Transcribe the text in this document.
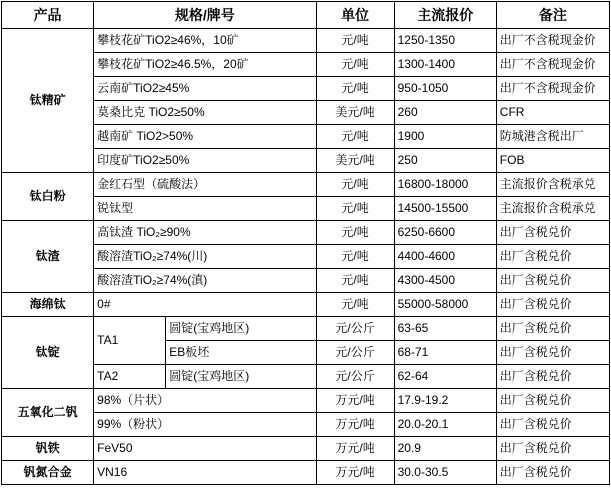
产品	规格/牌号		单位	主流报价	备注
钛精矿	攀枝花矿TiO2≥46%，10矿		元/吨	1250-1350	出厂不含税现金价
	攀枝花矿TiO2≥46.5%，20矿		元/吨	1300-1400	出厂不含税现金价
	云南矿TiO2≥45%		元/吨	950-1050	出厂不含税现金价
	莫桑比克 TiO2≥50%		美元/吨	260	CFR
	越南矿 TiO2>50%		元/吨	1900	防城港含税出厂
	印度矿TiO2≥50%		美元/吨	250	FOB
钛白粉	金红石型（硫酸法）		元/吨	16800-18000	主流报价含税承兑
	锐钛型		元/吨	14500-15500	主流报价含税承兑
钛渣	高钛渣 TiO₂≥90%		元/吨	6250-6600	出厂含税兑价
	酸溶渣TiO₂≥74%(川)		元/吨	4400-4600	出厂含税兑价
	酸溶渣TiO₂≥74%(滇)		元/吨	4300-4500	出厂含税兑价
海绵钛	0#		元/吨	55000-58000	出厂含税兑价
钛锭	TA1	圆锭(宝鸡地区)	元/公斤	63-65	出厂含税兑价
		EB板坯	元/公斤	68-71	出厂含税兑价
	TA2	圆锭(宝鸡地区)	元/公斤	62-64	出厂含税兑价
五氧化二钒	98%（片状）		万元/吨	17.9-19.2	出厂含税兑价
	99%（粉状）		万元/吨	20.0-20.1	出厂含税兑价
钒铁	FeV50		万元/吨	20.9	出厂含税兑价
钒氮合金	VN16		万元/吨	30.0-30.5	出厂含税兑价
